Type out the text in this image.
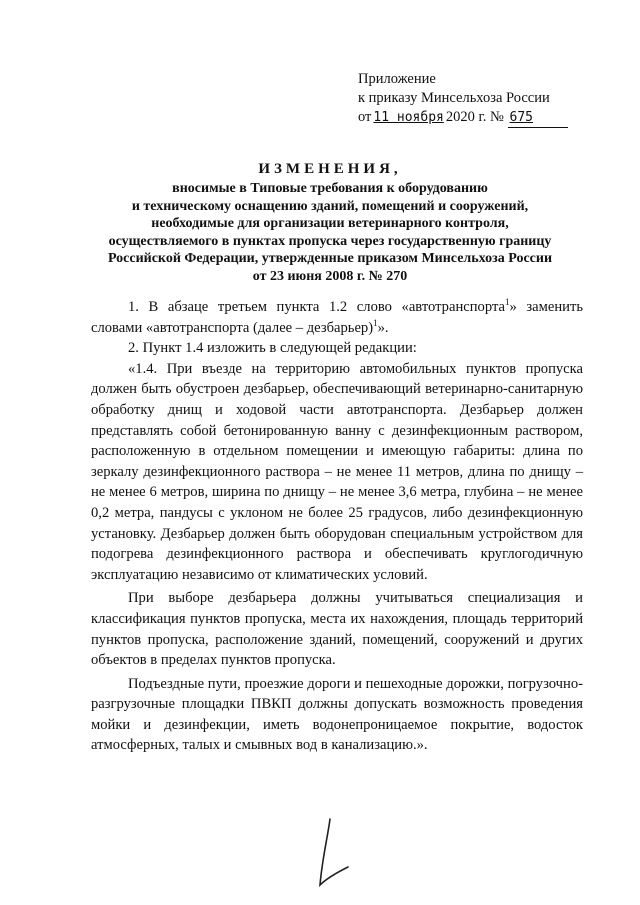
Приложение
к приказу Минсельхоза России
от 11 ноября 2020 г. № 675
ИЗМЕНЕНИЯ,
вносимые в Типовые требования к оборудованию
и техническому оснащению зданий, помещений и сооружений,
необходимые для организации ветеринарного контроля,
осуществляемого в пунктах пропуска через государственную границу
Российской Федерации, утвержденные приказом Минсельхоза России
от 23 июня 2008 г. № 270

1. В абзаце третьем пункта 1.2 слово «автотранспорта$^1$» заменить словами «автотранспорта (далее – дезбарьер)$^1$».

2. Пункт 1.4 изложить в следующей редакции:

«1.4. При въезде на территорию автомобильных пунктов пропуска должен быть обустроен дезбарьер, обеспечивающий ветеринарно-санитарную обработку днищ и ходовой части автотранспорта. Дезбарьер должен представлять собой бетонированную ванну с дезинфекционным раствором, расположенную в отдельном помещении и имеющую габариты: длина по зеркалу дезинфекционного раствора – не менее 11 метров, длина по днищу – не менее 6 метров, ширина по днищу – не менее 3,6 метра, глубина – не менее 0,2 метра, пандусы с уклоном не более 25 градусов, либо дезинфекционную установку. Дезбарьер должен быть оборудован специальным устройством для подогрева дезинфекционного раствора и обеспечивать круглогодичную эксплуатацию независимо от климатических условий.

При выборе дезбарьера должны учитываться специализация и классификация пунктов пропуска, места их нахождения, площадь территорий пунктов пропуска, расположение зданий, помещений, сооружений и других объектов в пределах пунктов пропуска.

Подъездные пути, проезжие дороги и пешеходные дорожки, погрузочно-разгрузочные площадки ПВКП должны допускать возможность проведения мойки и дезинфекции, иметь водонепроницаемое покрытие, водосток атмосферных, талых и смывных вод в канализацию.».
